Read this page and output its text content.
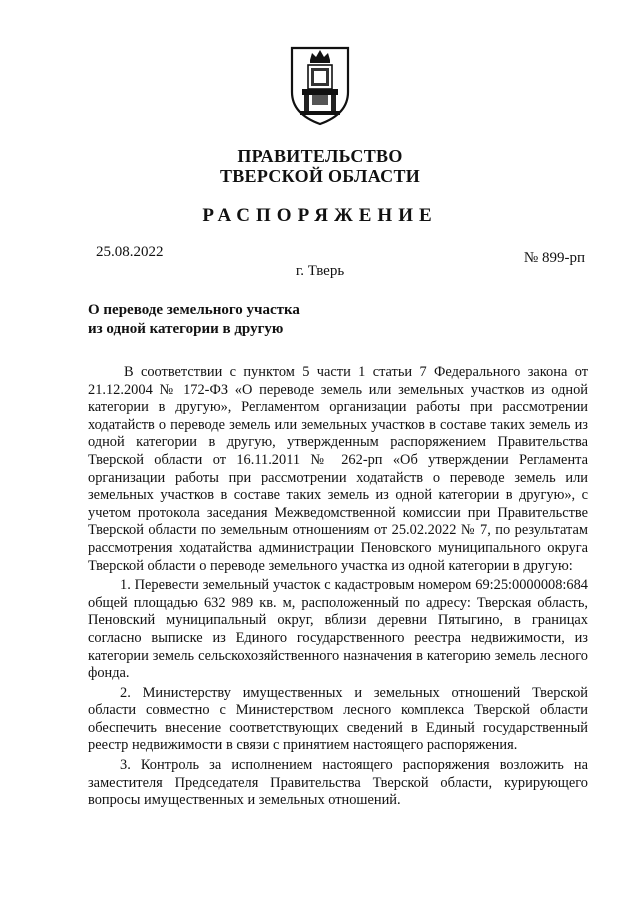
ПРАВИТЕЛЬСТВО
ТВЕРСКОЙ ОБЛАСТИ
РАСПОРЯЖЕНИЕ
25.08.2022	№ 899-рп
г. Тверь
О переводе земельного участка
из одной категории в другую

В соответствии с пунктом 5 части 1 статьи 7 Федерального закона от 21.12.2004 № 172-ФЗ «О переводе земель или земельных участков из одной категории в другую», Регламентом организации работы при рассмотрении ходатайств о переводе земель или земельных участков в составе таких земель из одной категории в другую, утвержденным распоряжением Правительства Тверской области от 16.11.2011 № 262-рп «Об утверждении Регламента организации работы при рассмотрении ходатайств о переводе земель или земельных участков в составе таких земель из одной категории в другую», с учетом протокола заседания Межведомственной комиссии при Правительстве Тверской области по земельным отношениям от 25.02.2022 № 7, по результатам рассмотрения ходатайства администрации Пеновского муниципального округа Тверской области о переводе земельного участка из одной категории в другую:

1. Перевести земельный участок с кадастровым номером 69:25:0000008:684 общей площадью 632 989 кв. м, расположенный по адресу: Тверская область, Пеновский муниципальный округ, вблизи деревни Пятыгино, в границах согласно выписке из Единого государственного реестра недвижимости, из категории земель сельскохозяйственного назначения в категорию земель лесного фонда.

2. Министерству имущественных и земельных отношений Тверской области совместно с Министерством лесного комплекса Тверской области обеспечить внесение соответствующих сведений в Единый государственный реестр недвижимости в связи с принятием настоящего распоряжения.

3. Контроль за исполнением настоящего распоряжения возложить на заместителя Председателя Правительства Тверской области, курирующего вопросы имущественных и земельных отношений.
